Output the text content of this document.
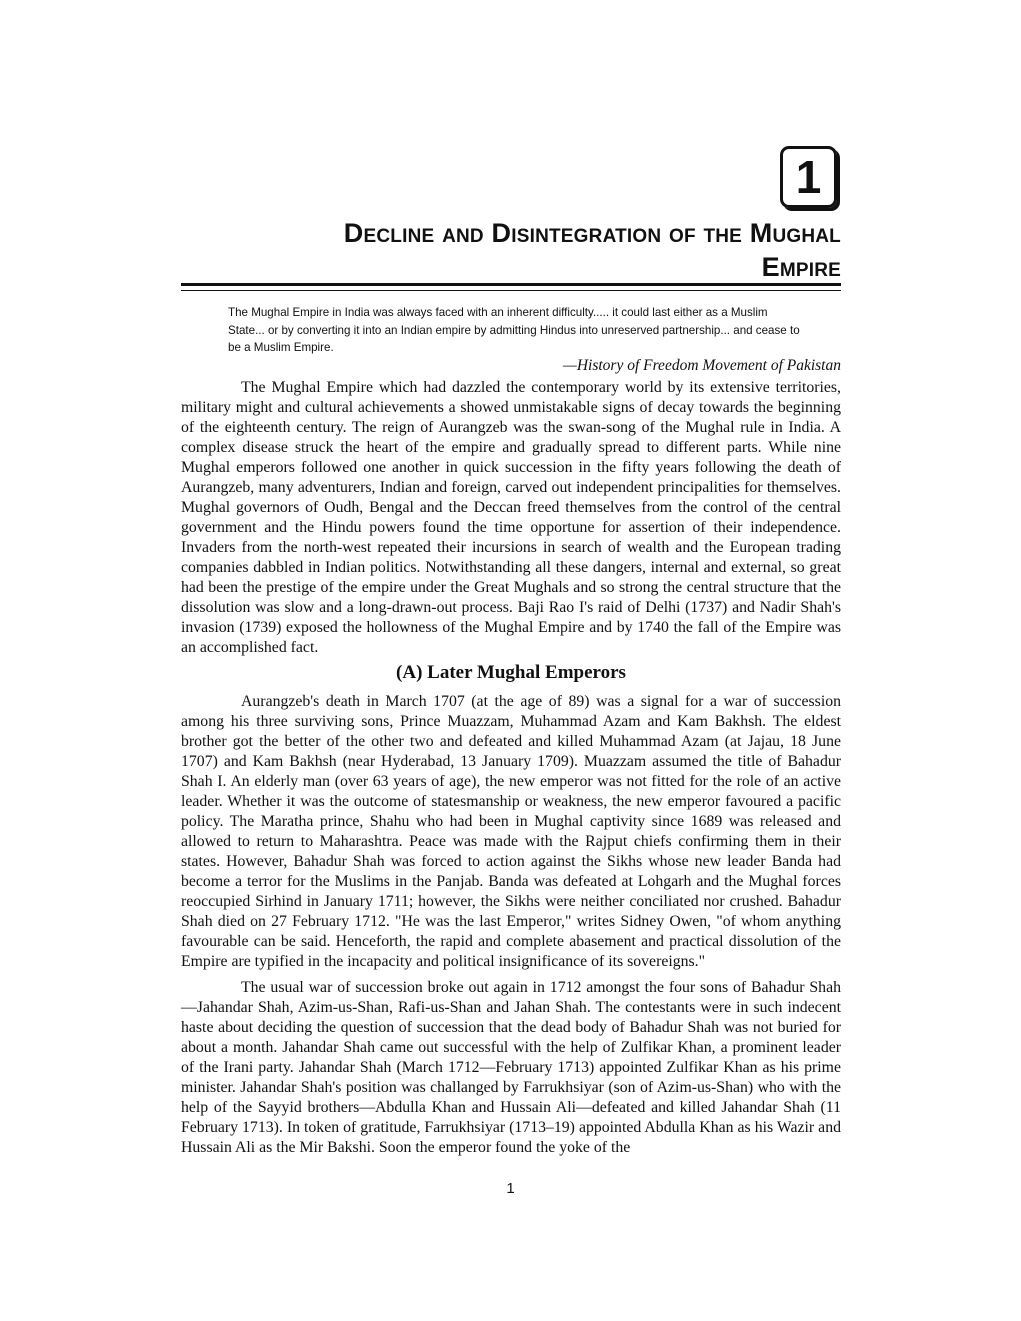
1
Decline and Disintegration of the Mughal Empire

The Mughal Empire in India was always faced with an inherent difficulty..... it could last either as a Muslim State... or by converting it into an Indian empire by admitting Hindus into unreserved partnership... and cease to be a Muslim Empire.

—History of Freedom Movement of Pakistan

The Mughal Empire which had dazzled the contemporary world by its extensive territories, military might and cultural achievements a showed unmistakable signs of decay towards the beginning of the eighteenth century. The reign of Aurangzeb was the swan-song of the Mughal rule in India. A complex disease struck the heart of the empire and gradually spread to different parts. While nine Mughal emperors followed one another in quick succession in the fifty years following the death of Aurangzeb, many adventurers, Indian and foreign, carved out independent principalities for themselves. Mughal governors of Oudh, Bengal and the Deccan freed themselves from the control of the central government and the Hindu powers found the time opportune for assertion of their independence. Invaders from the north-west repeated their incursions in search of wealth and the European trading companies dabbled in Indian politics. Notwithstanding all these dangers, internal and external, so great had been the prestige of the empire under the Great Mughals and so strong the central structure that the dissolution was slow and a long-drawn-out process. Baji Rao I's raid of Delhi (1737) and Nadir Shah's invasion (1739) exposed the hollowness of the Mughal Empire and by 1740 the fall of the Empire was an accomplished fact.

(A) Later Mughal Emperors

Aurangzeb's death in March 1707 (at the age of 89) was a signal for a war of succession among his three surviving sons, Prince Muazzam, Muhammad Azam and Kam Bakhsh. The eldest brother got the better of the other two and defeated and killed Muhammad Azam (at Jajau, 18 June 1707) and Kam Bakhsh (near Hyderabad, 13 January 1709). Muazzam assumed the title of Bahadur Shah I. An elderly man (over 63 years of age), the new emperor was not fitted for the role of an active leader. Whether it was the outcome of statesmanship or weakness, the new emperor favoured a pacific policy. The Maratha prince, Shahu who had been in Mughal captivity since 1689 was released and allowed to return to Maharashtra. Peace was made with the Rajput chiefs confirming them in their states. However, Bahadur Shah was forced to action against the Sikhs whose new leader Banda had become a terror for the Muslims in the Panjab. Banda was defeated at Lohgarh and the Mughal forces reoccupied Sirhind in January 1711; however, the Sikhs were neither conciliated nor crushed. Bahadur Shah died on 27 February 1712. "He was the last Emperor," writes Sidney Owen, "of whom anything favourable can be said. Henceforth, the rapid and complete abasement and practical dissolution of the Empire are typified in the incapacity and political insignificance of its sovereigns."

The usual war of succession broke out again in 1712 amongst the four sons of Bahadur Shah—Jahandar Shah, Azim-us-Shan, Rafi-us-Shan and Jahan Shah. The contestants were in such indecent haste about deciding the question of succession that the dead body of Bahadur Shah was not buried for about a month. Jahandar Shah came out successful with the help of Zulfikar Khan, a prominent leader of the Irani party. Jahandar Shah (March 1712—February 1713) appointed Zulfikar Khan as his prime minister. Jahandar Shah's position was challanged by Farrukhsiyar (son of Azim-us-Shan) who with the help of the Sayyid brothers—Abdulla Khan and Hussain Ali—defeated and killed Jahandar Shah (11 February 1713). In token of gratitude, Farrukhsiyar (1713–19) appointed Abdulla Khan as his Wazir and Hussain Ali as the Mir Bakshi. Soon the emperor found the yoke of the

1
